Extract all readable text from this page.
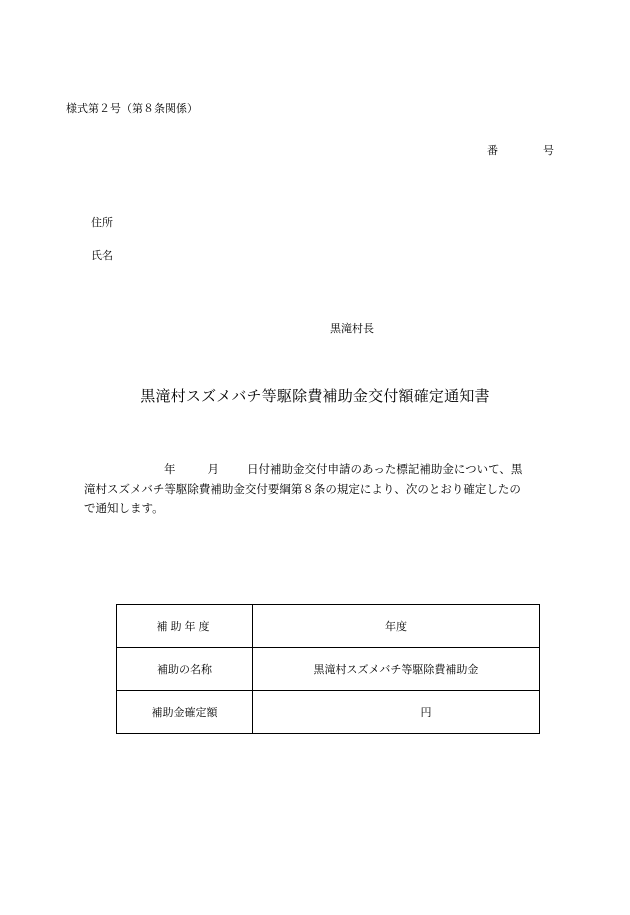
様式第２号（第８条関係）
番	号
住所
氏名
黒滝村長
黒滝村スズメバチ等駆除費補助金交付額確定通知書
年	月 日付補助金交付申請のあった標記補助金について、黒
滝村スズメバチ等駆除費補助金交付要綱第８条の規定により、次のとおり確定したの
で通知します。
補助年度	年度
補助の名称	黒滝村スズメバチ等駆除費補助金
補助金確定額	円
